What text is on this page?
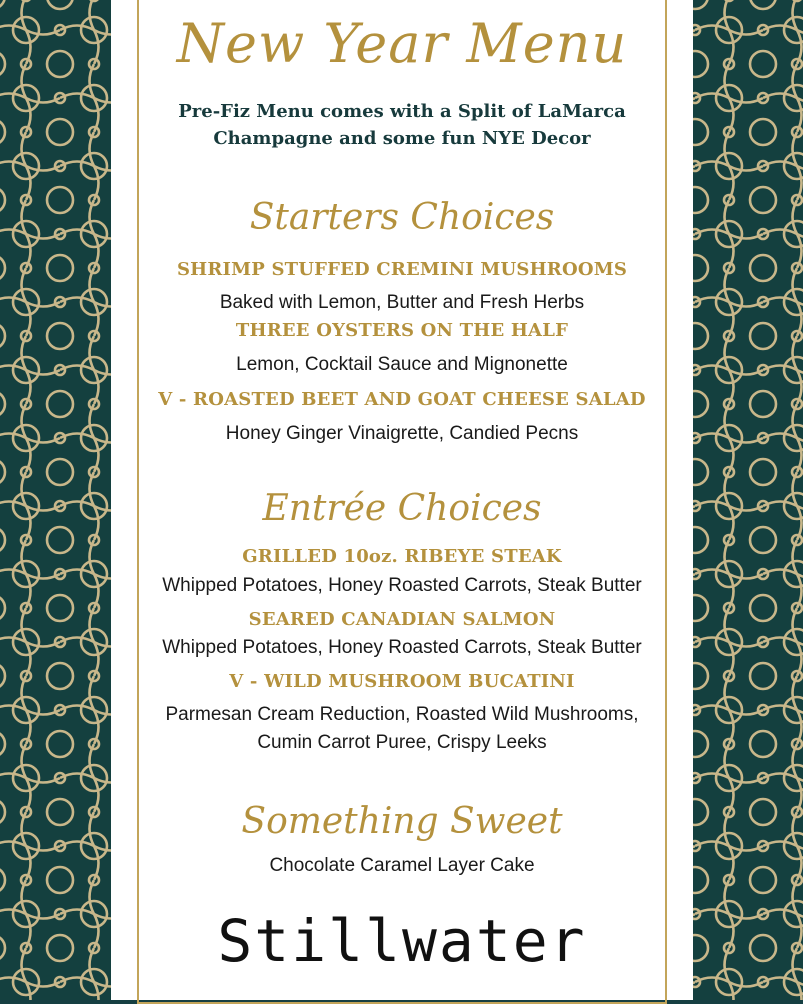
New Year Menu
Pre-Fiz Menu comes with a Split of LaMarca Champagne and some fun NYE Decor
Starters Choices
SHRIMP STUFFED CREMINI MUSHROOMS
Baked with Lemon, Butter and Fresh Herbs
THREE OYSTERS ON THE HALF
Lemon, Cocktail Sauce and Mignonette
V - ROASTED BEET AND GOAT CHEESE SALAD
Honey Ginger Vinaigrette, Candied Pecns
Entrée Choices
GRILLED 10oz. RIBEYE STEAK
Whipped Potatoes, Honey Roasted Carrots, Steak Butter
SEARED CANADIAN SALMON
Whipped Potatoes, Honey Roasted Carrots, Steak Butter
V - WILD MUSHROOM BUCATINI
Parmesan Cream Reduction, Roasted Wild Mushrooms, Cumin Carrot Puree, Crispy Leeks
Something Sweet
Chocolate Caramel Layer Cake
Stillwater
